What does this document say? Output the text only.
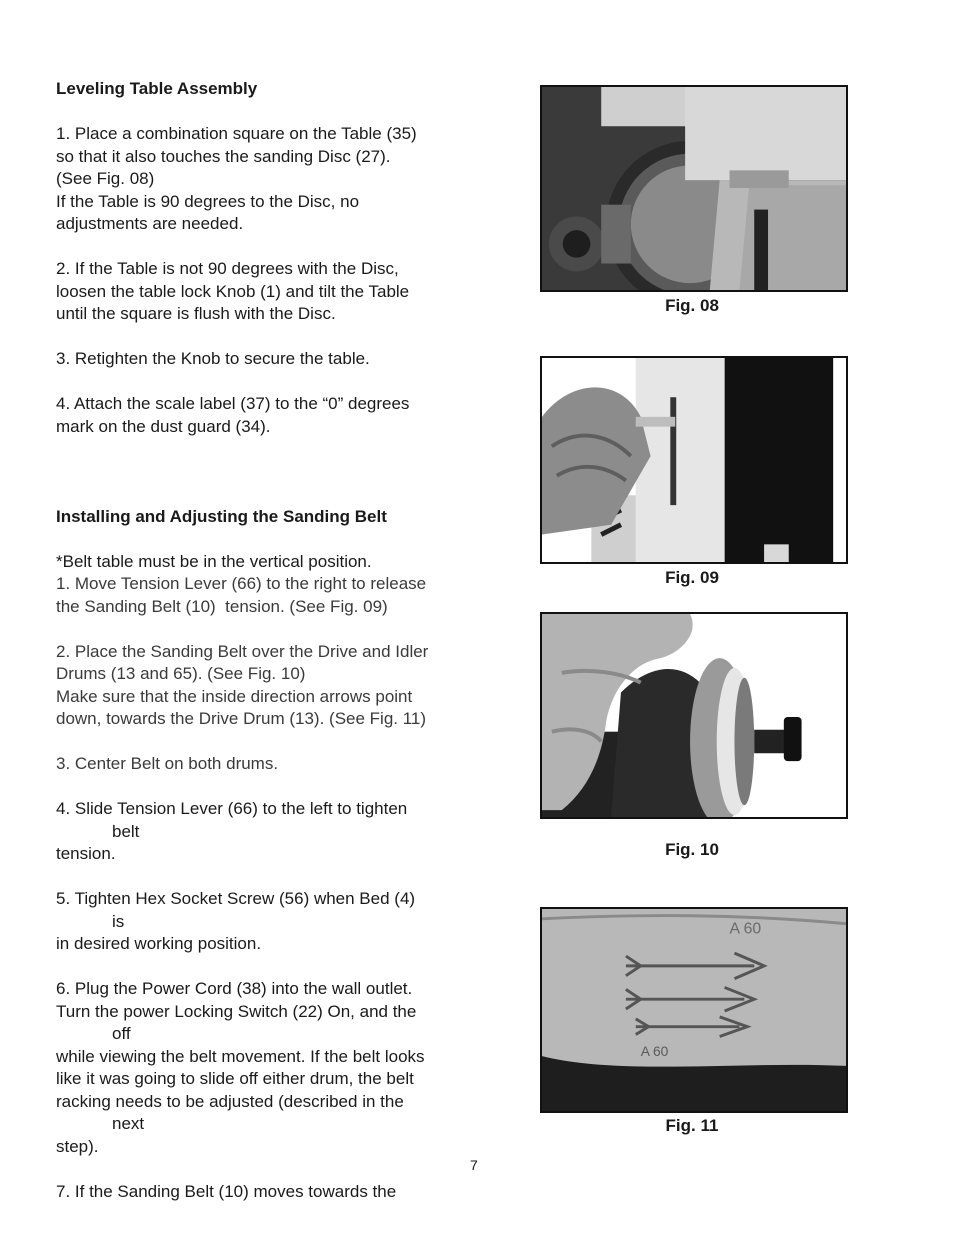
Leveling Table Assembly

1. Place a combination square on the Table (35)

so that it also touches the sanding Disc (27).

(See Fig. 08)

If the Table is 90 degrees to the Disc, no

adjustments are needed.

2. If the Table is not 90 degrees with the Disc,

loosen the table lock Knob (1) and tilt the Table

until the square is flush with the Disc.

3. Retighten the Knob to secure the table.

4. Attach the scale label (37) to the “0” degrees

mark on the dust guard (34).

Installing and Adjusting the Sanding Belt

*Belt table must be in the vertical position.

1. Move Tension Lever (66) to the right to release

the Sanding Belt (10)  tension. (See Fig. 09)

2. Place the Sanding Belt over the Drive and Idler

Drums (13 and 65). (See Fig. 10)

Make sure that the inside direction arrows point

down, towards the Drive Drum (13). (See Fig. 11)

3. Center Belt on both drums.

4. Slide Tension Lever (66) to the left to tighten

belt

tension.

5. Tighten Hex Socket Screw (56) when Bed (4)

is

in desired working position.

6. Plug the Power Cord (38) into the wall outlet.

Turn the power Locking Switch (22) On, and the

off

while viewing the belt movement. If the belt looks

like it was going to slide off either drum, the belt

racking needs to be adjusted (described in the

next

step).

7. If the Sanding Belt (10) moves towards the

Fig. 08
Fig. 09
Fig. 10
A 60
A 60
Fig. 11
7
